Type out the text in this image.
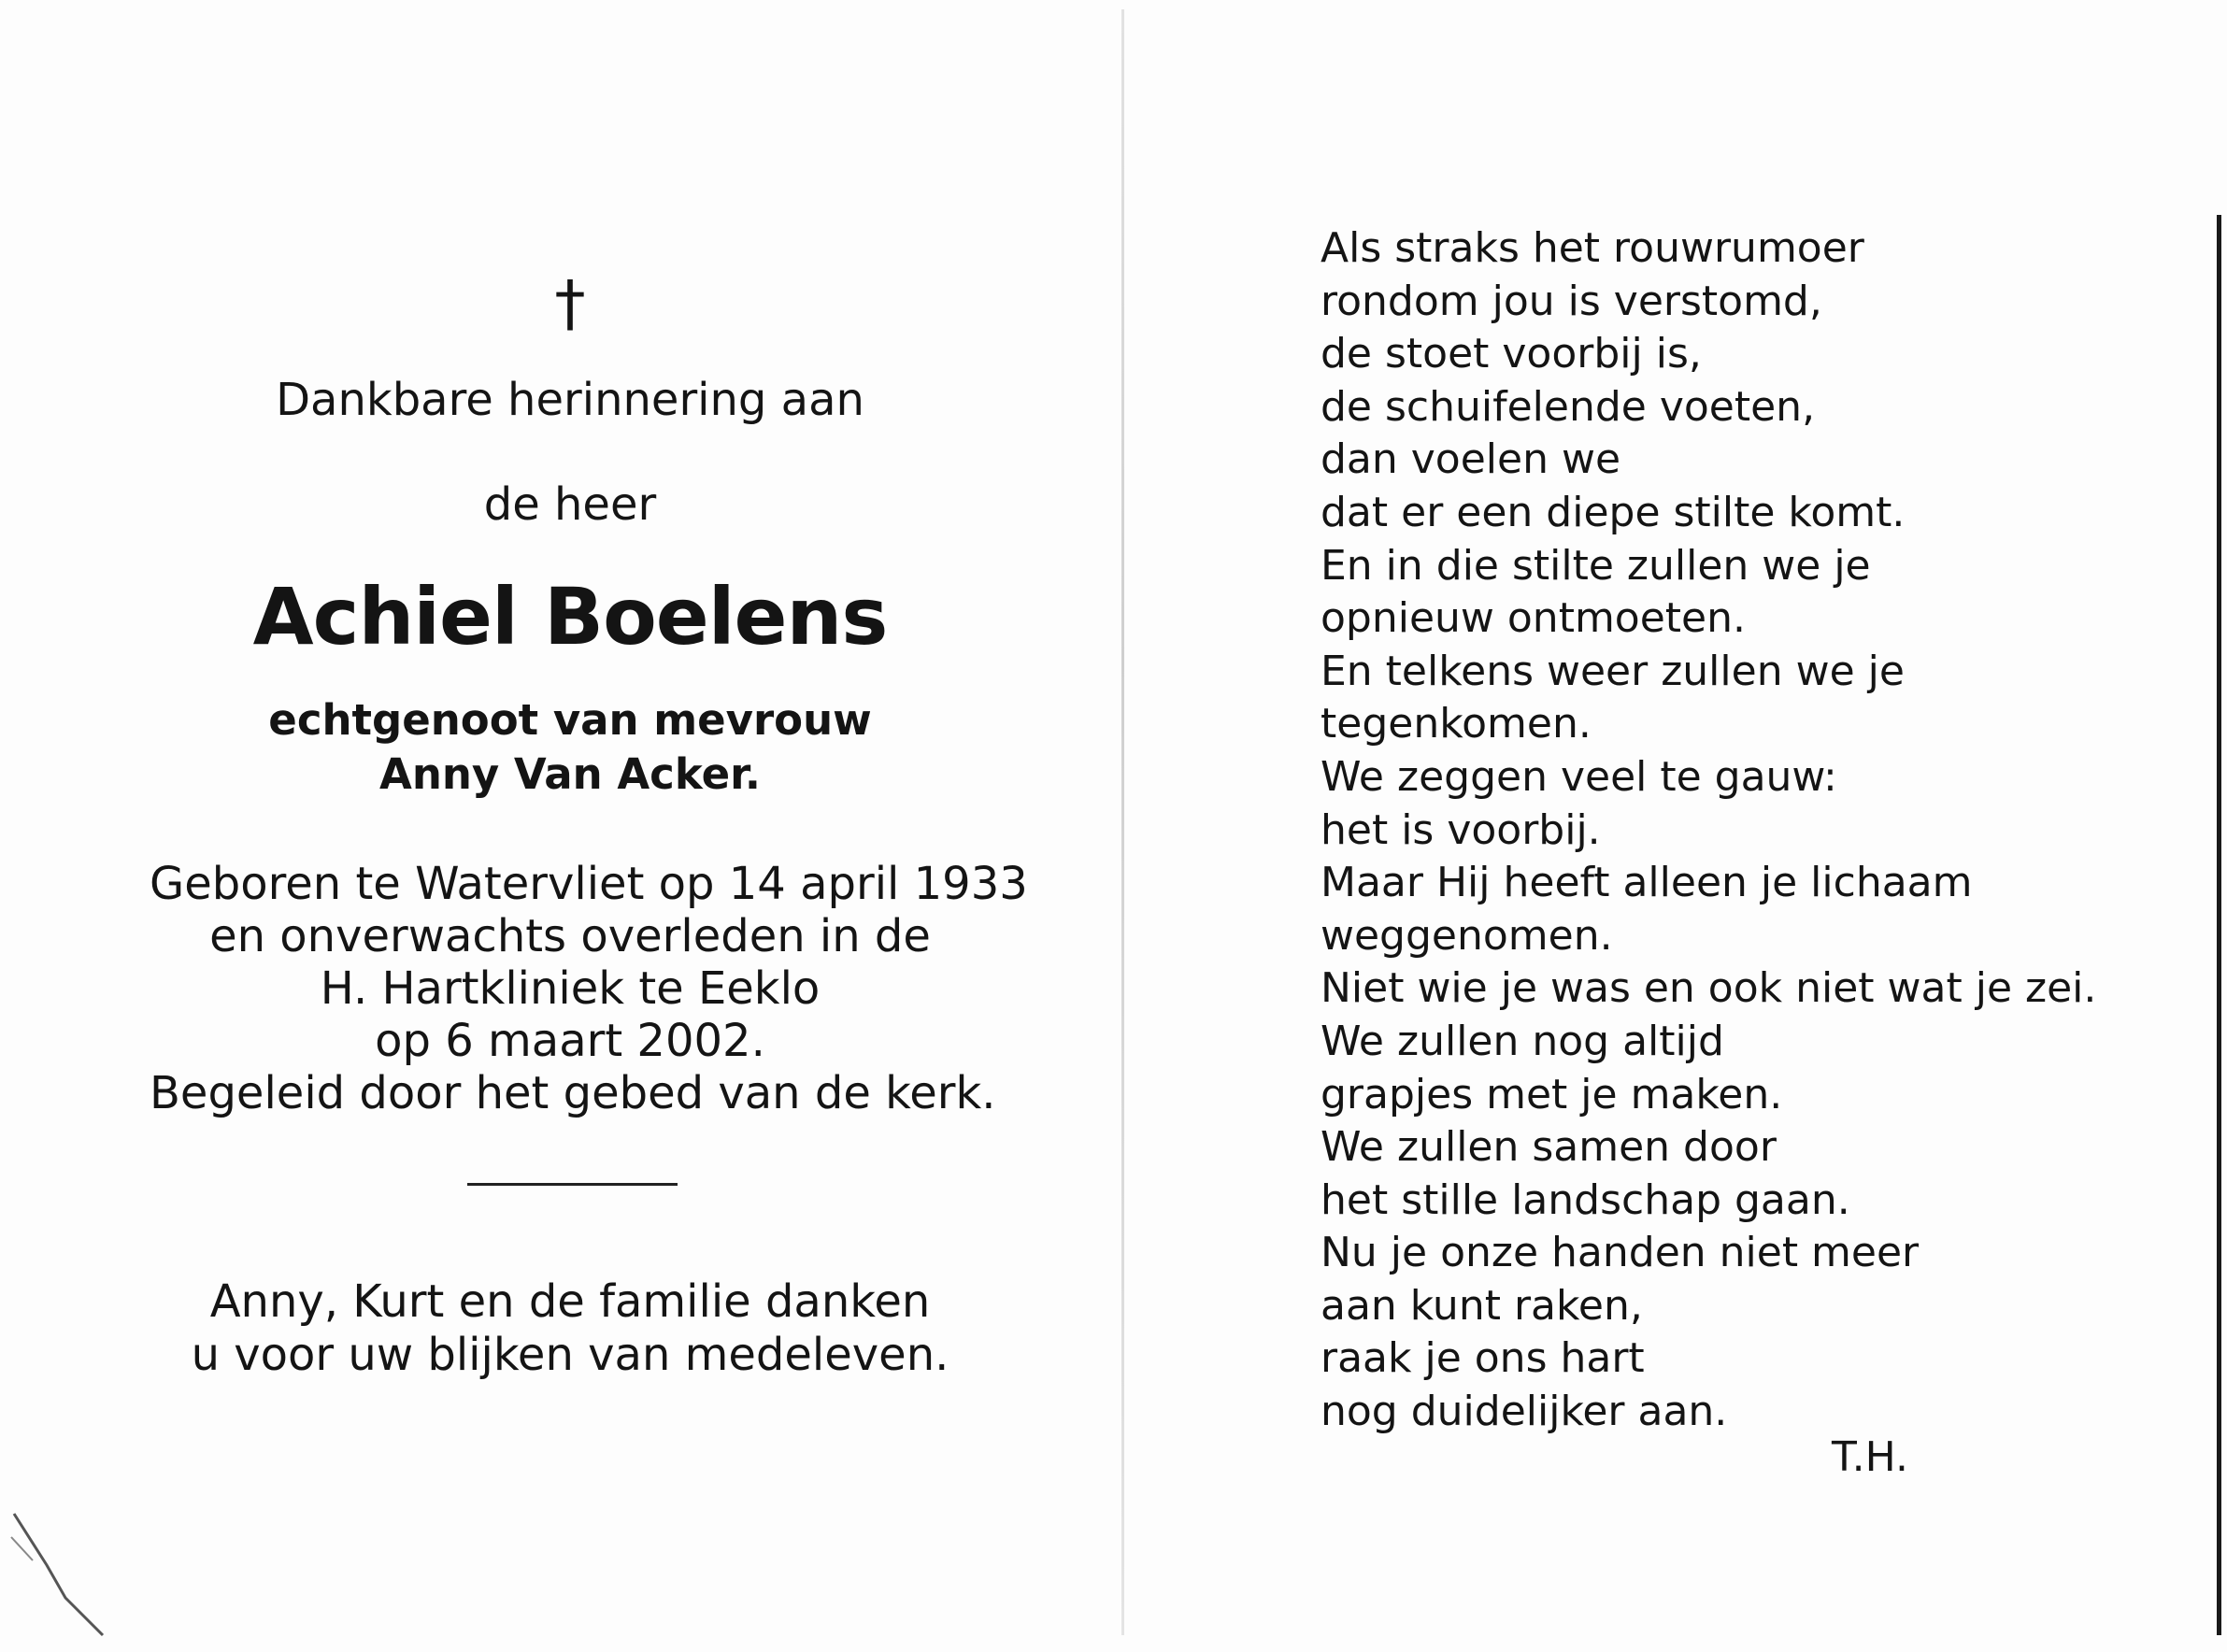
†
Dankbare herinnering aan
de heer
Achiel Boelens
echtgenoot van mevrouw
Anny Van Acker.
Geboren te Watervliet op 14 april 1933
en onverwachts overleden in de
H. Hartkliniek te Eeklo
op 6 maart 2002.
Begeleid door het gebed van de kerk.
Anny, Kurt en de familie danken
u voor uw blijken van medeleven.
Als straks het rouwrumoer
rondom jou is verstomd,
de stoet voorbij is,
de schuifelende voeten,
dan voelen we
dat er een diepe stilte komt.
En in die stilte zullen we je
opnieuw ontmoeten.
En telkens weer zullen we je
tegenkomen.
We zeggen veel te gauw:
het is voorbij.
Maar Hij heeft alleen je lichaam
weggenomen.
Niet wie je was en ook niet wat je zei.
We zullen nog altijd
grapjes met je maken.
We zullen samen door
het stille landschap gaan.
Nu je onze handen niet meer
aan kunt raken,
raak je ons hart
nog duidelijker aan.
T.H.
